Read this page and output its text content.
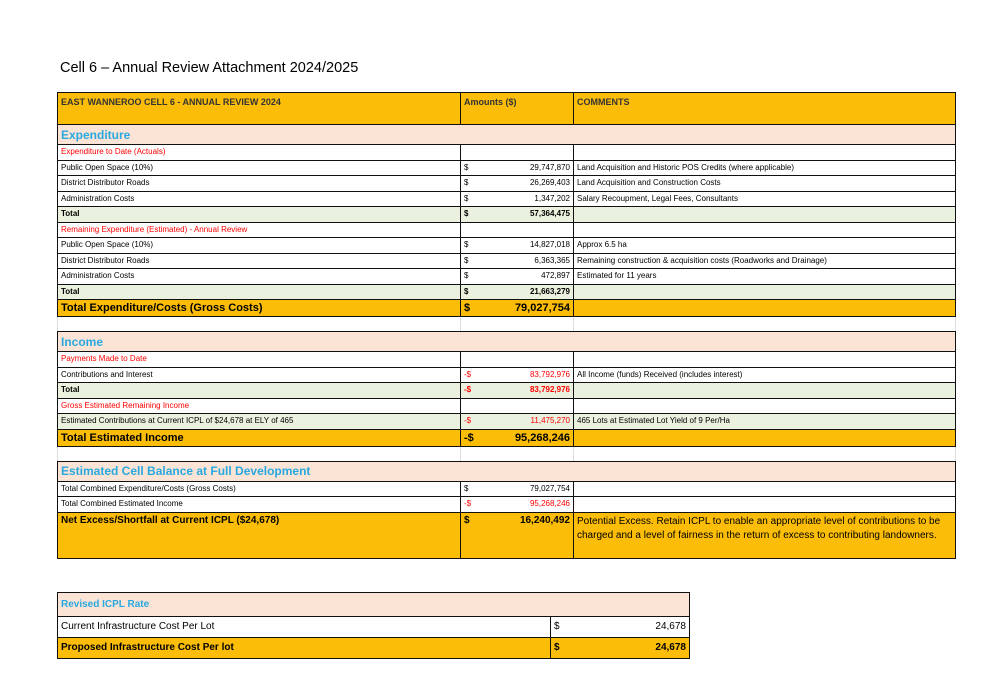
Cell 6 – Annual Review Attachment 2024/2025
EAST WANNEROO CELL 6 - ANNUAL REVIEW 2024	Amounts ($)	COMMENTS
Expenditure		
Expenditure to Date (Actuals)		
Public Open Space (10%)	$ 29,747,870	Land Acquisition and Historic POS Credits (where applicable)
District Distributor Roads	$ 26,269,403	Land Acquisition and Construction Costs
Administration Costs	$ 1,347,202	Salary Recoupment, Legal Fees, Consultants
Total	$ 57,364,475	

Remaining Expenditure (Estimated) - Annual Review		
Public Open Space (10%)	$ 14,827,018	Approx 6.5 ha
District Distributor Roads	$ 6,363,365	Remaining construction & acquisition costs (Roadworks and Drainage)
Administration Costs	$ 472,897	Estimated for 11 years
Total	$ 21,663,279	

Total Expenditure/Costs (Gross Costs)	$ 79,027,754	

Income		
Payments Made to Date		
Contributions and Interest	-$ 83,792,976	All Income (funds) Received (includes interest)
Total	-$ 83,792,976	

Gross Estimated Remaining Income		
Estimated Contributions at Current ICPL of $24,678 at ELY of 465	-$ 11,475,270	465 Lots at Estimated Lot Yield of 9 Per/Ha
Total Estimated Income	-$ 95,268,246	

Estimated Cell Balance at Full Development		
Total Combined Expenditure/Costs (Gross Costs)	$ 79,027,754	

Total Combined Estimated Income	-$ 95,268,246	

Net Excess/Shortfall at Current ICPL ($24,678)	$ 16,240,492	Potential Excess. Retain ICPL to enable an appropriate level of contributions to be charged and a level of fairness in the return of excess to contributing landowners.
Revised ICPL Rate	
Current Infrastructure Cost Per Lot	$ 24,678

Proposed Infrastructure Cost Per lot	$ 24,678
